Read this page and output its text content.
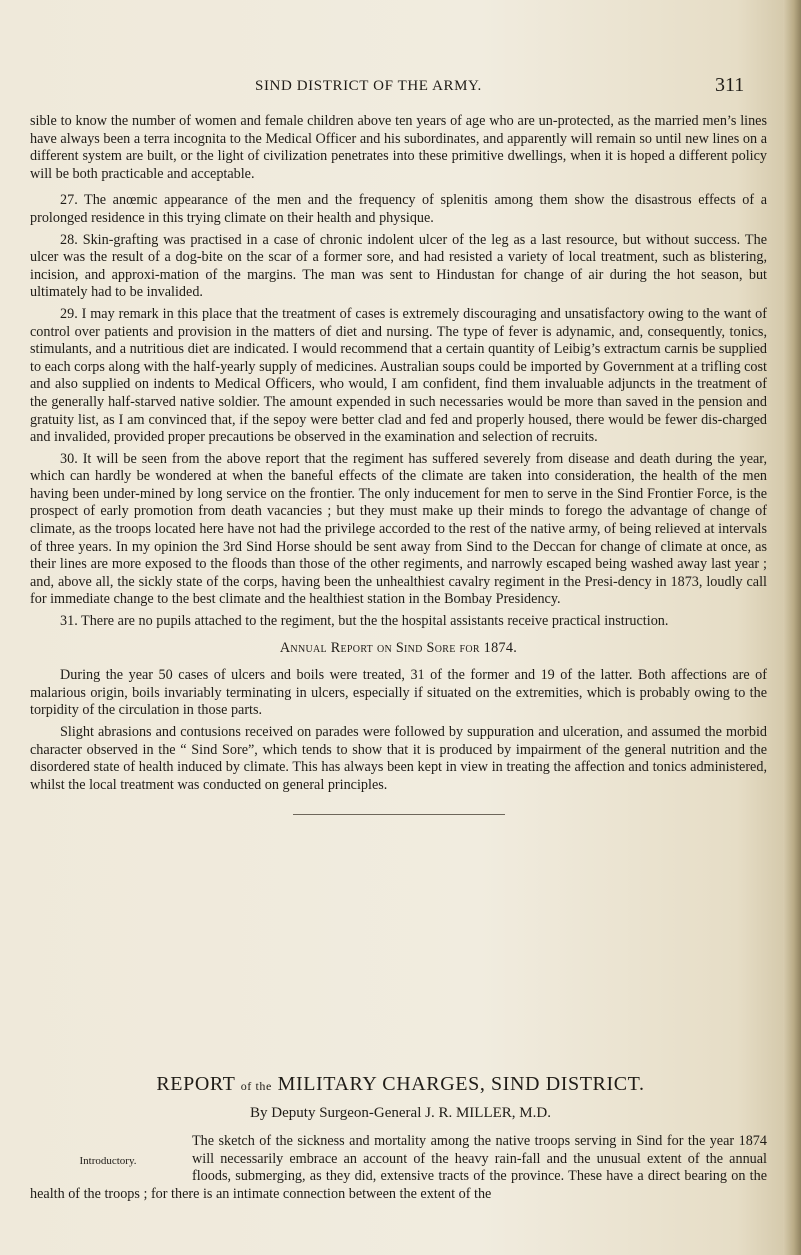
SIND DISTRICT OF THE ARMY.	311

sible to know the number of women and female children above ten years of age who are un-protected, as the married men’s lines have always been a terra incognita to the Medical Officer and his subordinates, and apparently will remain so until new lines on a different system are built, or the light of civilization penetrates into these primitive dwellings, when it is hoped a different policy will be both practicable and acceptable.

27. The anœmic appearance of the men and the frequency of splenitis among them show the disastrous effects of a prolonged residence in this trying climate on their health and physique.

28. Skin-grafting was practised in a case of chronic indolent ulcer of the leg as a last resource, but without success. The ulcer was the result of a dog-bite on the scar of a former sore, and had resisted a variety of local treatment, such as blistering, incision, and approxi-mation of the margins. The man was sent to Hindustan for change of air during the hot season, but ultimately had to be invalided.

29. I may remark in this place that the treatment of cases is extremely discouraging and unsatisfactory owing to the want of control over patients and provision in the matters of diet and nursing. The type of fever is adynamic, and, consequently, tonics, stimulants, and a nutritious diet are indicated. I would recommend that a certain quantity of Leibig’s extractum carnis be supplied to each corps along with the half-yearly supply of medicines. Australian soups could be imported by Government at a trifling cost and also supplied on indents to Medical Officers, who would, I am confident, find them invaluable adjuncts in the treatment of the generally half-starved native soldier. The amount expended in such necessaries would be more than saved in the pension and gratuity list, as I am convinced that, if the sepoy were better clad and fed and properly housed, there would be fewer dis-charged and invalided, provided proper precautions be observed in the examination and selection of recruits.

30. It will be seen from the above report that the regiment has suffered severely from disease and death during the year, which can hardly be wondered at when the baneful effects of the climate are taken into consideration, the health of the men having been under-mined by long service on the frontier. The only inducement for men to serve in the Sind Frontier Force, is the prospect of early promotion from death vacancies ; but they must make up their minds to forego the advantage of change of climate, as the troops located here have not had the privilege accorded to the rest of the native army, of being relieved at intervals of three years. In my opinion the 3rd Sind Horse should be sent away from Sind to the Deccan for change of climate at once, as their lines are more exposed to the floods than those of the other regiments, and narrowly escaped being washed away last year ; and, above all, the sickly state of the corps, having been the unhealthiest cavalry regiment in the Presi-dency in 1873, loudly call for immediate change to the best climate and the healthiest station in the Bombay Presidency.

31. There are no pupils attached to the regiment, but the the hospital assistants receive practical instruction.

Annual Report on Sind Sore for 1874.

During the year 50 cases of ulcers and boils were treated, 31 of the former and 19 of the latter. Both affections are of malarious origin, boils invariably terminating in ulcers, especially if situated on the extremities, which is probably owing to the torpidity of the circulation in those parts.

Slight abrasions and contusions received on parades were followed by suppuration and ulceration, and assumed the morbid character observed in the “ Sind Sore”, which tends to show that it is produced by impairment of the general nutrition and the disordered state of health induced by climate. This has always been kept in view in treating the affection and tonics administered, whilst the local treatment was conducted on general principles.

REPORT of the MILITARY CHARGES, SIND DISTRICT.
By Deputy Surgeon-General J. R. MILLER, M.D.
Introductory.
The sketch of the sickness and mortality among the native troops serving in Sind for the year 1874 will necessarily embrace an account of the heavy rain-fall and the unusual extent of the annual floods, submerging, as they did, extensive tracts of the province. These have a direct bearing on the health of the troops ; for there is an intimate connection between the extent of the
